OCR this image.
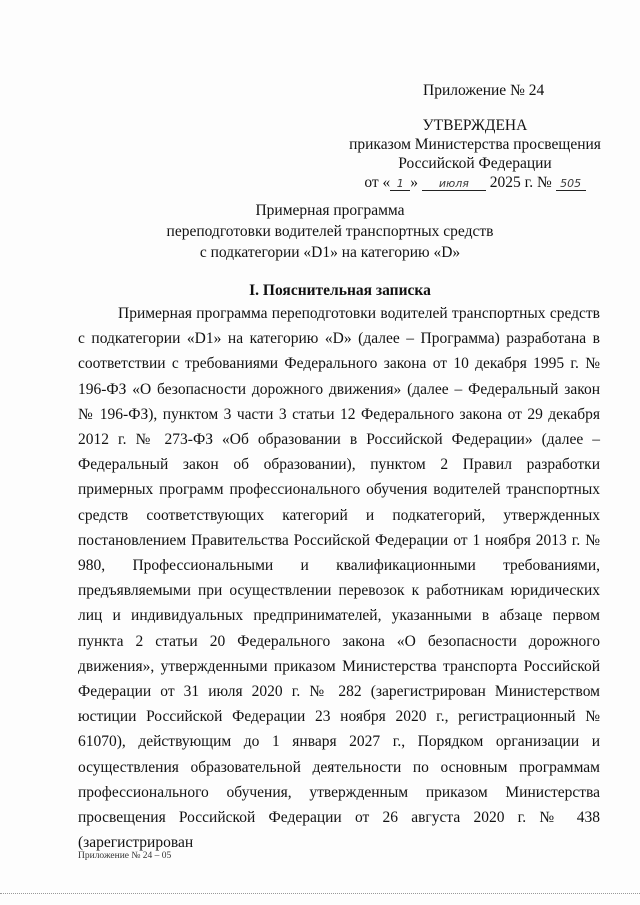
Приложение № 24
УТВЕРЖДЕНА
приказом Министерства просвещения
Российской Федерации
от « 1 » июля 2025 г. № 505
Примерная программа
переподготовки водителей транспортных средств
с подкатегории «D1» на категорию «D»
I. Пояснительная записка

Примерная программа переподготовки водителей транспортных средств с подкатегории «D1» на категорию «D» (далее – Программа) разработана в соответствии с требованиями Федерального закона от 10 декабря 1995 г. № 196-ФЗ «О безопасности дорожного движения» (далее – Федеральный закон № 196-ФЗ), пунктом 3 части 3 статьи 12 Федерального закона от 29 декабря 2012 г. № 273-ФЗ «Об образовании в Российской Федерации» (далее – Федеральный закон об образовании), пунктом 2 Правил разработки примерных программ профессионального обучения водителей транспортных средств соответствующих категорий и подкатегорий, утвержденных постановлением Правительства Российской Федерации от 1 ноября 2013 г. № 980, Профессиональными и квалификационными требованиями, предъявляемыми при осуществлении перевозок к работникам юридических лиц и индивидуальных предпринимателей, указанными в абзаце первом пункта 2 статьи 20 Федерального закона «О безопасности дорожного движения», утвержденными приказом Министерства транспорта Российской Федерации от 31 июля 2020 г. № 282 (зарегистрирован Министерством юстиции Российской Федерации 23 ноября 2020 г., регистрационный № 61070), действующим до 1 января 2027 г., Порядком организации и осуществления образовательной деятельности по основным программам профессионального обучения, утвержденным приказом Министерства просвещения Российской Федерации от 26 августа 2020 г. № 438 (зарегистрирован

Приложение № 24 – 05
